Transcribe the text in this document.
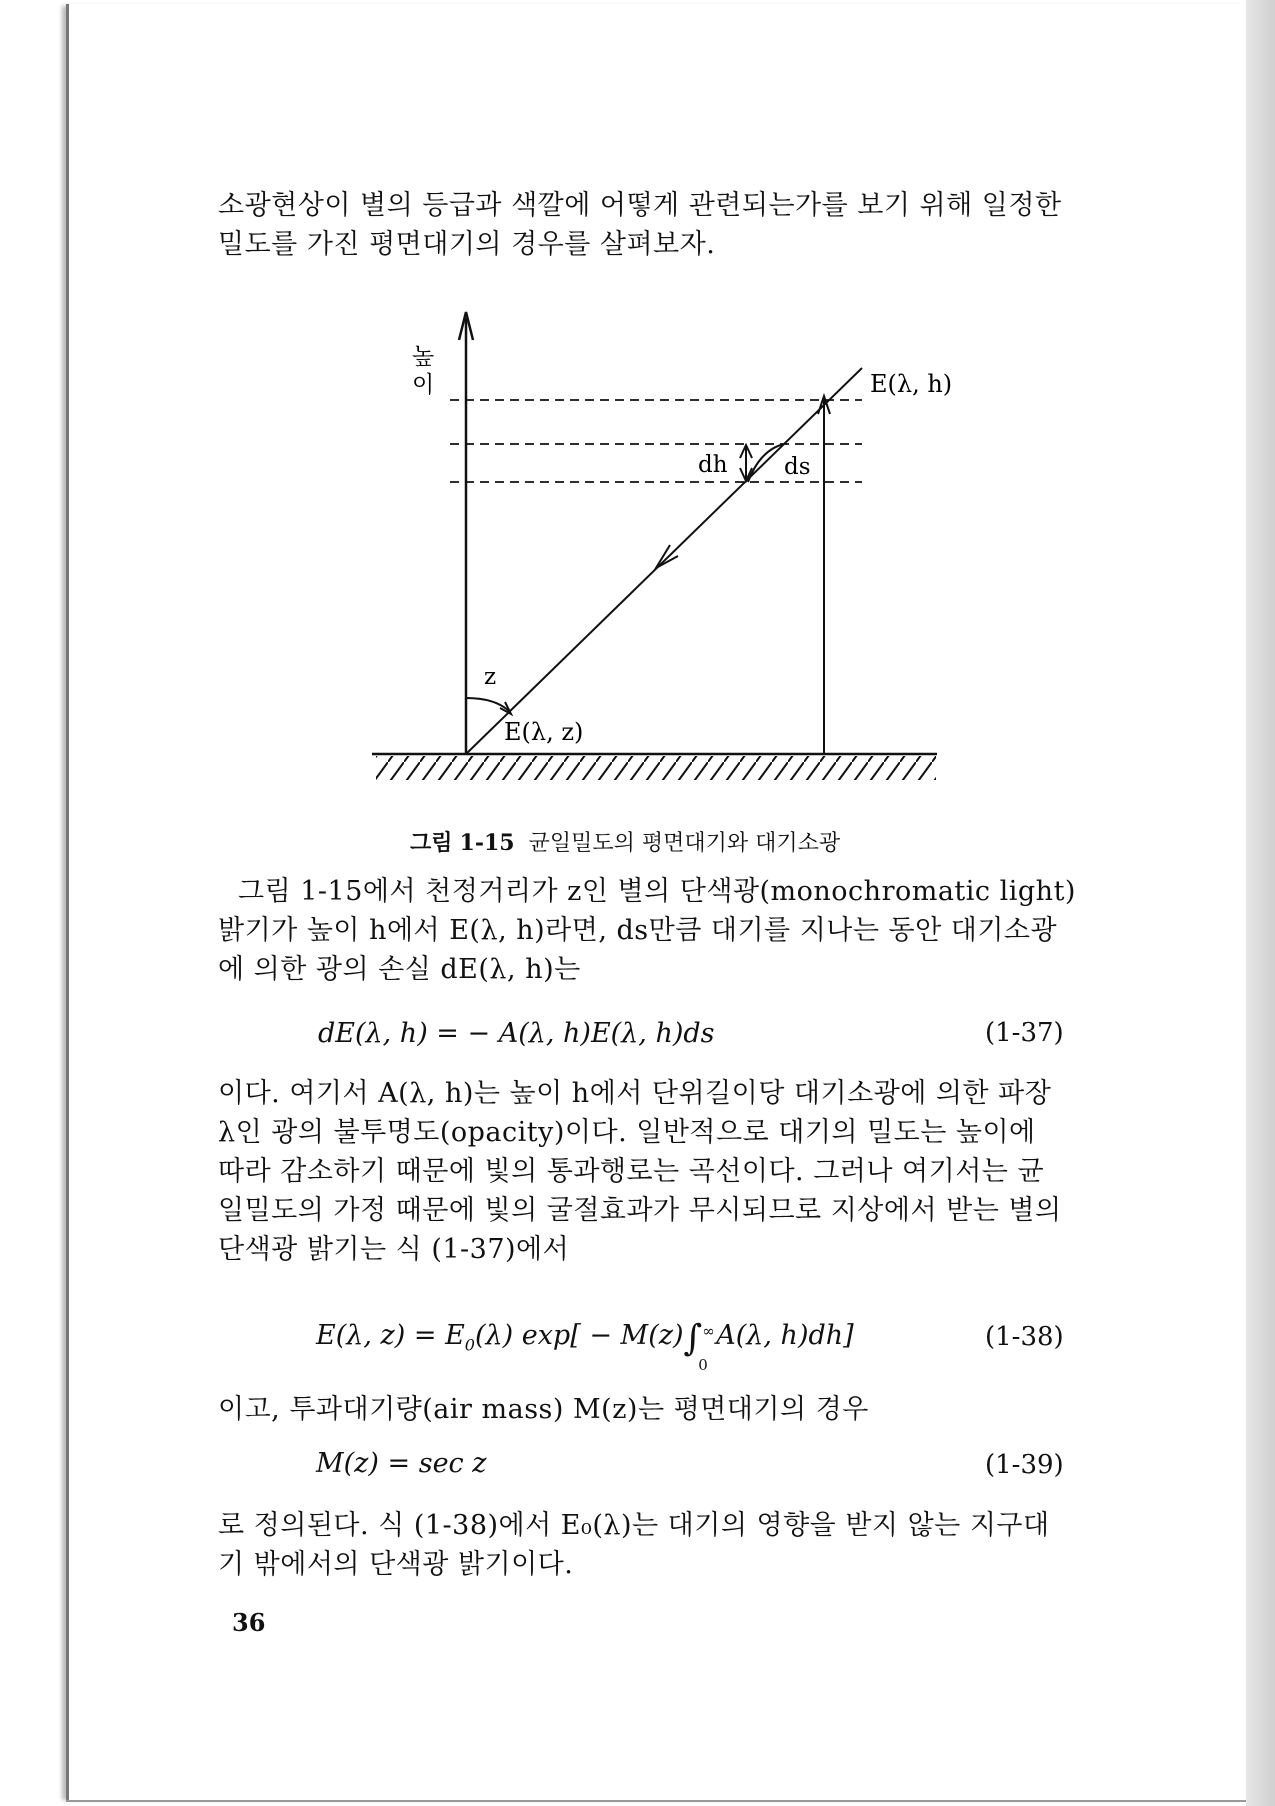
소광현상이 별의 등급과 색깔에 어떻게 관련되는가를 보기 위해 일정한
밀도를 가진 평면대기의 경우를 살펴보자.

높
이	E(λ, h)
E(λ, z)
dh ds
z
그림 1-15 균일밀도의 평면대기와 대기소광

그림 1-15에서 천정거리가 z인 별의 단색광(monochromatic light)
밝기가 높이 h에서 E(λ, h)라면, ds만큼 대기를 지나는 동안 대기소광
에 의한 광의 손실 dE(λ, h)는

dE(λ, h) = − A(λ, h)E(λ, h)ds	(1-37)

이다. 여기서 A(λ, h)는 높이 h에서 단위길이당 대기소광에 의한 파장
λ인 광의 불투명도(opacity)이다. 일반적으로 대기의 밀도는 높이에
따라 감소하기 때문에 빛의 통과행로는 곡선이다. 그러나 여기서는 균
일밀도의 가정 때문에 빛의 굴절효과가 무시되므로 지상에서 받는 별의
단색광 밝기는 식 (1-37)에서

E(λ, $z) = E_0(\lambda) \exp[ - M(z)\int$ ∞
0
A(λ, h)dh]	(1-38)

이고, 투과대기량(air mass) M(z)는 평면대기의 경우

M(z) = sec z	(1-39)

로 정의된다. 식 (1-38)에서 E₀(λ)는 대기의 영향을 받지 않는 지구대
기 밖에서의 단색광 밝기이다.

36
